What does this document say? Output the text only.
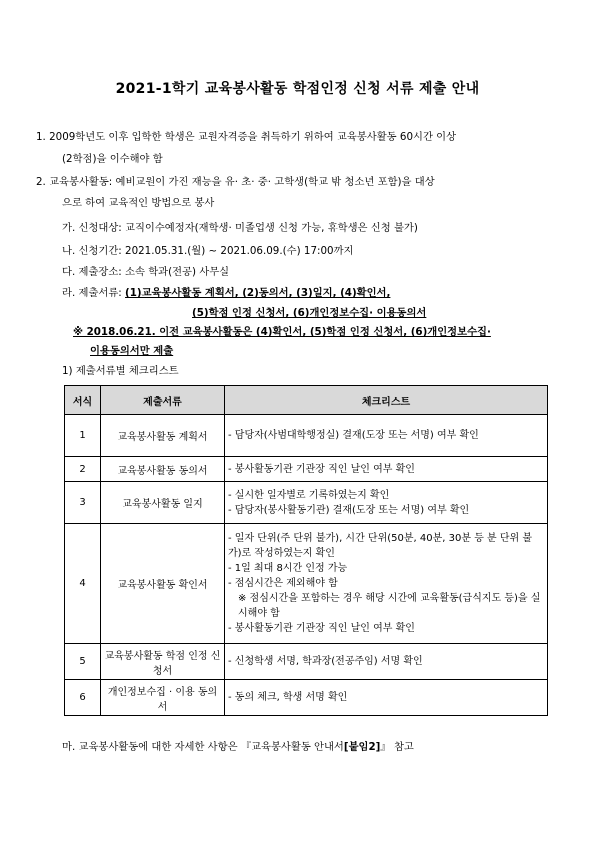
2021-1학기 교육봉사활동 학점인정 신청 서류 제출 안내
1. 2009학년도 이후 입학한 학생은 교원자격증을 취득하기 위하여 교육봉사활동 60시간 이상
(2학점)을 이수해야 함
2. 교육봉사활동: 예비교원이 가진 재능을 유· 초· 중· 고학생(학교 밖 청소년 포함)을 대상
으로 하여 교육적인 방법으로 봉사
가. 신청대상: 교직이수예정자(재학생· 미졸업생 신청 가능, 휴학생은 신청 불가)
나. 신청기간: 2021.05.31.(월) ~ 2021.06.09.(수) 17:00까지
다. 제출장소: 소속 학과(전공) 사무실
라. 제출서류: (1)교육봉사활동 계획서, (2)동의서, (3)일지, (4)확인서,
(5)학점 인정 신청서, (6)개인정보수집· 이용동의서
※ 2018.06.21. 이전 교육봉사활동은 (4)확인서, (5)학점 인정 신청서, (6)개인정보수집·
이용동의서만 제출
1) 제출서류별 체크리스트
서식	제출서류	체크리스트
1	교육봉사활동 계획서	- 담당자(사범대학행정실) 결재(도장 또는 서명) 여부 확인

2	교육봉사활동 동의서	- 봉사활동기관 기관장 직인 날인 여부 확인

3	교육봉사활동 일지	- 실시한 일자별로 기록하였는지 확인
- 담당자(봉사활동기관) 결재(도장 또는 서명) 여부 확인

4	교육봉사활동 확인서	- 일자 단위(주 단위 불가), 시간 단위(50분, 40분, 30분 등 분 단위 불가)로 작성하였는지 확인
- 1일 최대 8시간 인정 가능
- 점심시간은 제외해야 함
※ 점심시간을 포함하는 경우 해당 시간에 교육활동(급식지도 등)을 실시해야 함
- 봉사활동기관 기관장 직인 날인 여부 확인

5	교육봉사활동 학점 인정 신청서	- 신청학생 서명, 학과장(전공주임) 서명 확인

6	개인정보수집 · 이용 동의서	- 동의 체크, 학생 서명 확인
마. 교육봉사활동에 대한 자세한 사항은 『교육봉사활동 안내서[붙임2]』 참고
